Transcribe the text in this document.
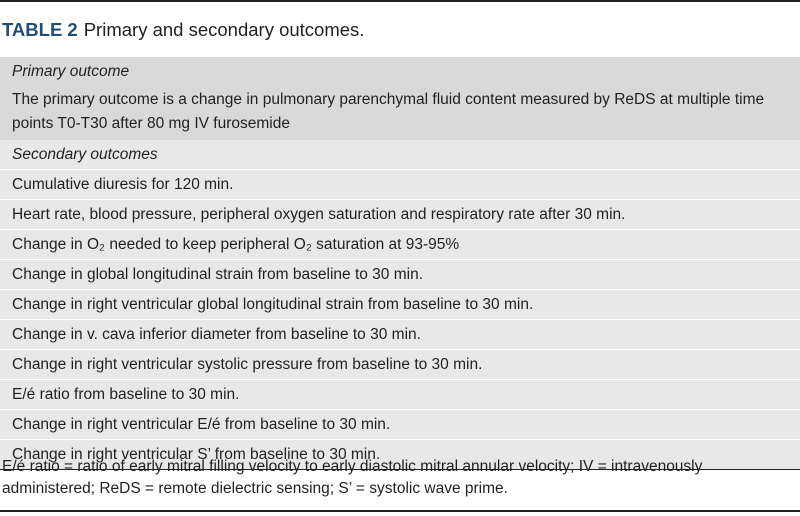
TABLE 2 Primary and secondary outcomes.
Primary outcome
The primary outcome is a change in pulmonary parenchymal fluid content measured by ReDS at multiple time points T0-T30 after 80 mg IV furosemide
Secondary outcomes
Cumulative diuresis for 120 min.
Heart rate, blood pressure, peripheral oxygen saturation and respiratory rate after 30 min.
Change in O₂ needed to keep peripheral O₂ saturation at 93-95%
Change in global longitudinal strain from baseline to 30 min.
Change in right ventricular global longitudinal strain from baseline to 30 min.
Change in v. cava inferior diameter from baseline to 30 min.
Change in right ventricular systolic pressure from baseline to 30 min.
E/é ratio from baseline to 30 min.
Change in right ventricular E/é from baseline to 30 min.
Change in right ventricular S’ from baseline to 30 min.
E/é ratio = ratio of early mitral filling velocity to early diastolic mitral annular velocity; IV = intravenously administered; ReDS = remote dielectric sensing; S’ = systolic wave prime.
